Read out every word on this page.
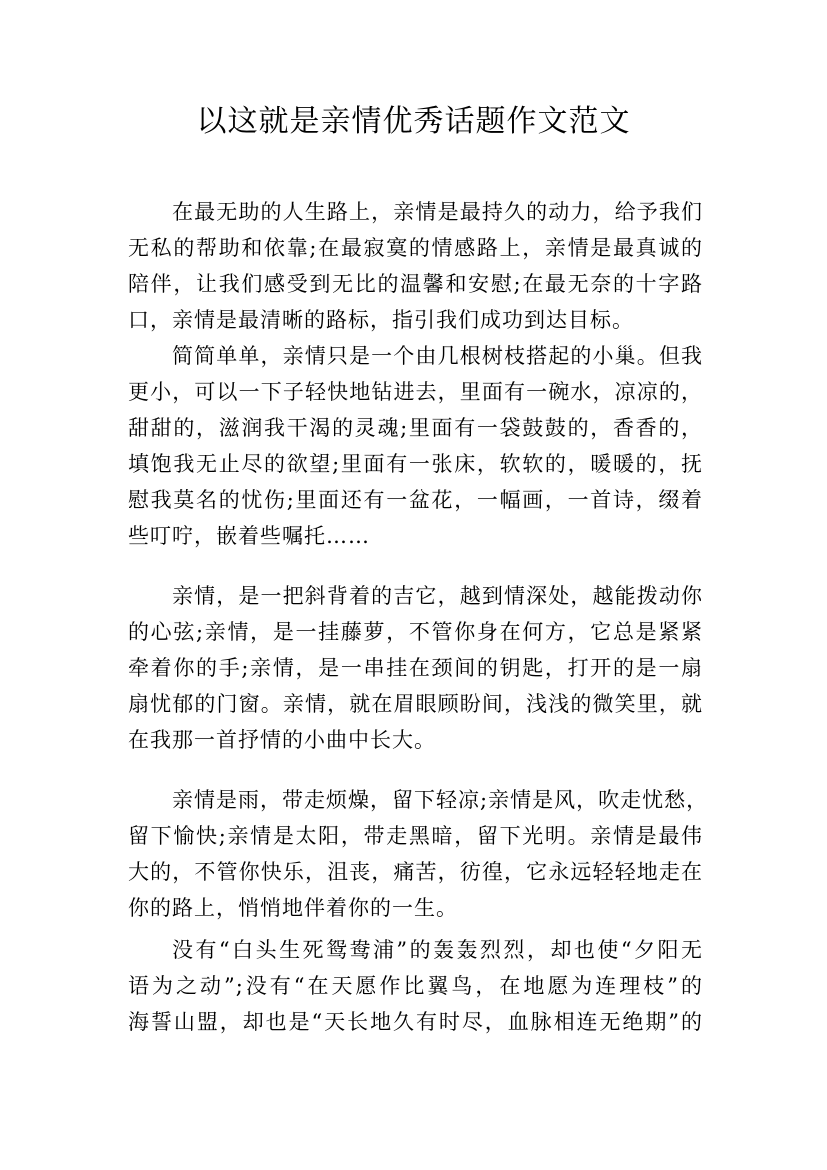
以这就是亲情优秀话题作文范文
在最无助的人生路上，亲情是最持久的动力，给予我们
无私的帮助和依靠;在最寂寞的情感路上，亲情是最真诚的
陪伴，让我们感受到无比的温馨和安慰;在最无奈的十字路
口，亲情是最清晰的路标，指引我们成功到达目标。
简简单单，亲情只是一个由几根树枝搭起的小巢。但我
更小，可以一下子轻快地钻进去，里面有一碗水，凉凉的，
甜甜的，滋润我干渴的灵魂;里面有一袋鼓鼓的，香香的，
填饱我无止尽的欲望;里面有一张床，软软的，暖暖的，抚
慰我莫名的忧伤;里面还有一盆花，一幅画，一首诗，缀着
些叮咛，嵌着些嘱托……
亲情，是一把斜背着的吉它，越到情深处，越能拨动你
的心弦;亲情，是一挂藤萝，不管你身在何方，它总是紧紧
牵着你的手;亲情，是一串挂在颈间的钥匙，打开的是一扇
扇忧郁的门窗。亲情，就在眉眼顾盼间，浅浅的微笑里，就
在我那一首抒情的小曲中长大。
亲情是雨，带走烦燥，留下轻凉;亲情是风，吹走忧愁，
留下愉快;亲情是太阳，带走黑暗，留下光明。亲情是最伟
大的，不管你快乐，沮丧，痛苦，彷徨，它永远轻轻地走在
你的路上，悄悄地伴着你的一生。
没有“白头生死鸳鸯浦”的轰轰烈烈，却也使“夕阳无
语为之动”;没有“在天愿作比翼鸟，在地愿为连理枝”的
海誓山盟，却也是“天长地久有时尽，血脉相连无绝期”的
